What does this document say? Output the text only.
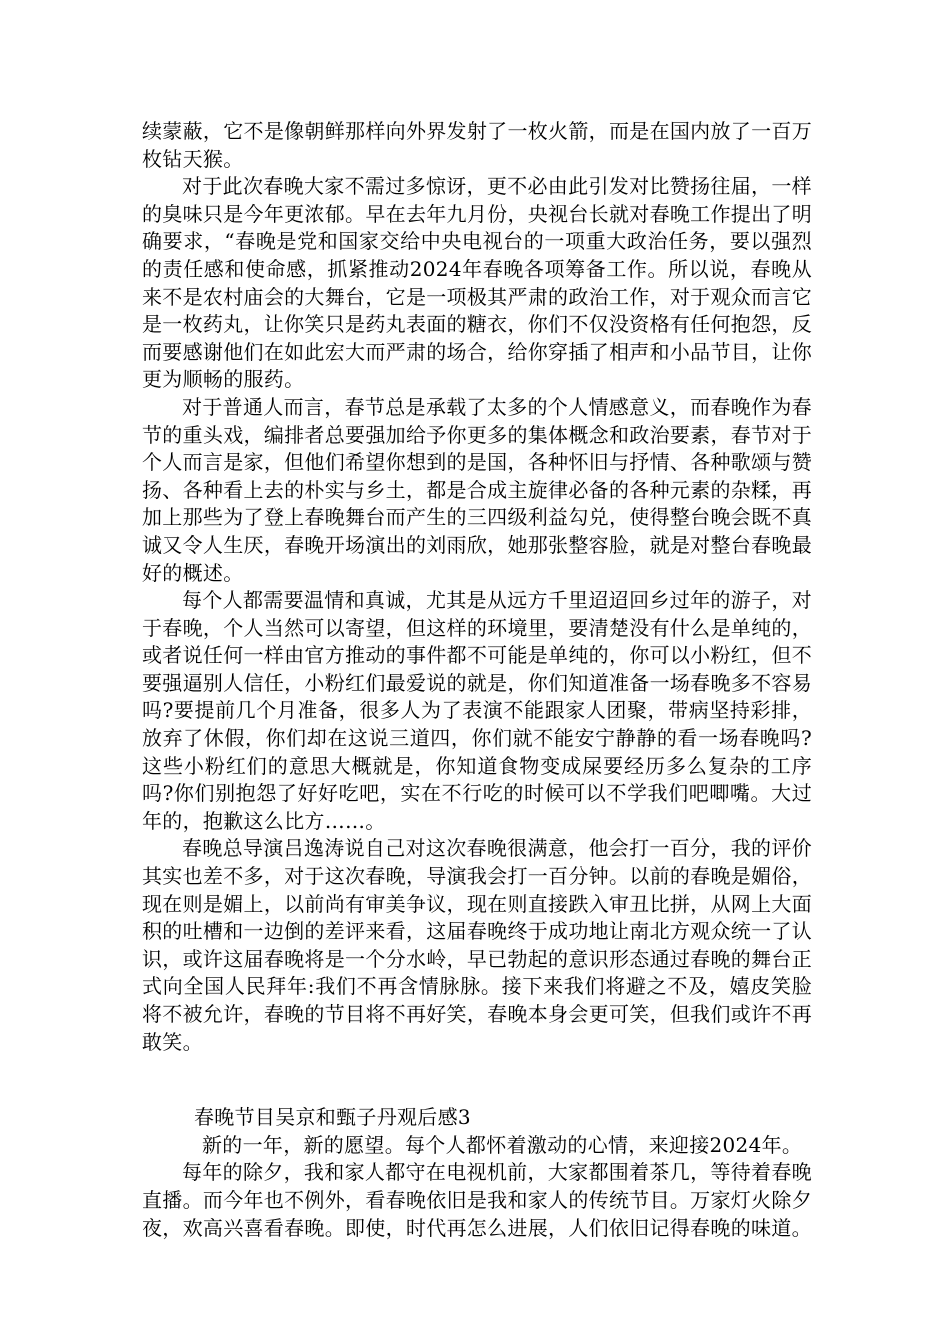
续蒙蔽，它不是像朝鲜那样向外界发射了一枚火箭，而是在国内放了一百万枚钻天猴。

对于此次春晚大家不需过多惊讶，更不必由此引发对比赞扬往届，一样的臭味只是今年更浓郁。早在去年九月份，央视台长就对春晚工作提出了明确要求，“春晚是党和国家交给中央电视台的一项重大政治任务，要以强烈的责任感和使命感，抓紧推动2024年春晚各项筹备工作。所以说，春晚从来不是农村庙会的大舞台，它是一项极其严肃的政治工作，对于观众而言它是一枚药丸，让你笑只是药丸表面的糖衣，你们不仅没资格有任何抱怨，反而要感谢他们在如此宏大而严肃的场合，给你穿插了相声和小品节目，让你更为顺畅的服药。

对于普通人而言，春节总是承载了太多的个人情感意义，而春晚作为春节的重头戏，编排者总要强加给予你更多的集体概念和政治要素，春节对于个人而言是家，但他们希望你想到的是国，各种怀旧与抒情、各种歌颂与赞扬、各种看上去的朴实与乡土，都是合成主旋律必备的各种元素的杂糅，再加上那些为了登上春晚舞台而产生的三四级利益勾兑，使得整台晚会既不真诚又令人生厌，春晚开场演出的刘雨欣，她那张整容脸，就是对整台春晚最好的概述。

每个人都需要温情和真诚，尤其是从远方千里迢迢回乡过年的游子，对于春晚，个人当然可以寄望，但这样的环境里，要清楚没有什么是单纯的，或者说任何一样由官方推动的事件都不可能是单纯的，你可以小粉红，但不要强逼别人信任，小粉红们最爱说的就是，你们知道准备一场春晚多不容易吗?要提前几个月准备，很多人为了表演不能跟家人团聚，带病坚持彩排，放弃了休假，你们却在这说三道四，你们就不能安宁静静的看一场春晚吗?这些小粉红们的意思大概就是，你知道食物变成屎要经历多么复杂的工序吗?你们别抱怨了好好吃吧，实在不行吃的时候可以不学我们吧唧嘴。大过年的，抱歉这么比方……。

春晚总导演吕逸涛说自己对这次春晚很满意，他会打一百分，我的评价其实也差不多，对于这次春晚，导演我会打一百分钟。以前的春晚是媚俗，现在则是媚上，以前尚有审美争议，现在则直接跌入审丑比拼，从网上大面积的吐槽和一边倒的差评来看，这届春晚终于成功地让南北方观众统一了认识，或许这届春晚将是一个分水岭，早已勃起的意识形态通过春晚的舞台正式向全国人民拜年:我们不再含情脉脉。接下来我们将避之不及，嬉皮笑脸将不被允许，春晚的节目将不再好笑，春晚本身会更可笑，但我们或许不再敢笑。

春晚节目吴京和甄子丹观后感3

新的一年，新的愿望。每个人都怀着激动的心情，来迎接2024年。

每年的除夕，我和家人都守在电视机前，大家都围着茶几，等待着春晚直播。而今年也不例外，看春晚依旧是我和家人的传统节目。万家灯火除夕夜，欢高兴喜看春晚。即使，时代再怎么进展，人们依旧记得春晚的味道。
